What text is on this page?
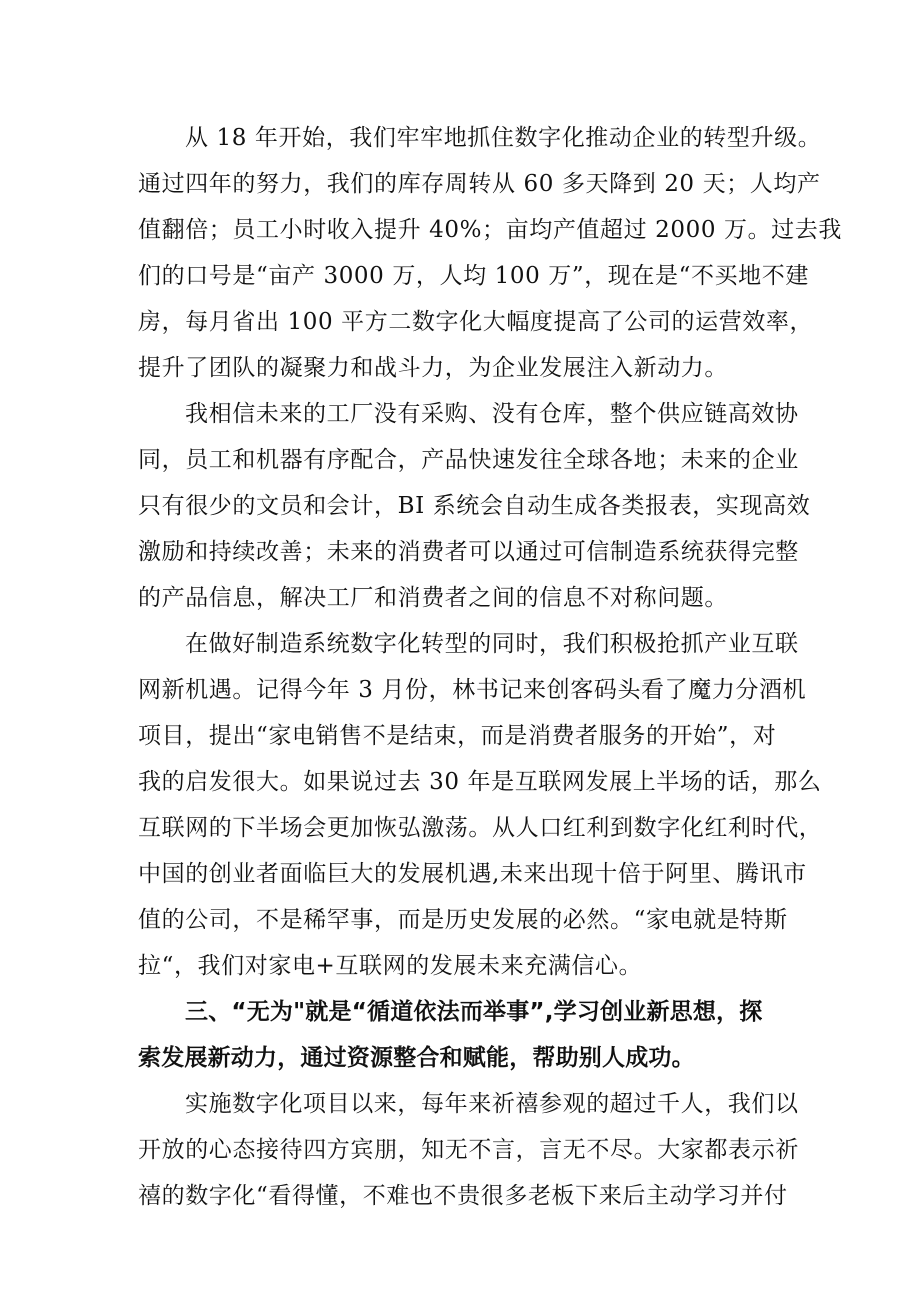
从 18 年开始，我们牢牢地抓住数字化推动企业的转型升级。
通过四年的努力，我们的库存周转从 60 多天降到 20 天；人均产
值翻倍；员工小时收入提升 40%；亩均产值超过 2000 万。过去我
们的口号是“亩产 3000 万，人均 100 万”，现在是“不买地不建
房，每月省出 100 平方二数字化大幅度提高了公司的运营效率，
提升了团队的凝聚力和战斗力，为企业发展注入新动力。
我相信未来的工厂没有采购、没有仓库，整个供应链高效协
同，员工和机器有序配合，产品快速发往全球各地；未来的企业
只有很少的文员和会计，BI 系统会自动生成各类报表，实现高效
激励和持续改善；未来的消费者可以通过可信制造系统获得完整
的产品信息，解决工厂和消费者之间的信息不对称问题。
在做好制造系统数字化转型的同时，我们积极抢抓产业互联
网新机遇。记得今年 3 月份，林书记来创客码头看了魔力分酒机
项目，提出“家电销售不是结束，而是消费者服务的开始”，对
我的启发很大。如果说过去 30 年是互联网发展上半场的话，那么
互联网的下半场会更加恢弘激荡。从人口红利到数字化红利时代，
中国的创业者面临巨大的发展机遇,未来出现十倍于阿里、腾讯市
值的公司，不是稀罕事，而是历史发展的必然。“家电就是特斯
拉“，我们对家电+互联网的发展未来充满信心。
三、“无为"就是“循道依法而举事”,学习创业新思想，探
索发展新动力，通过资源整合和赋能，帮助别人成功。
实施数字化项目以来，每年来祈禧参观的超过千人，我们以
开放的心态接待四方宾朋，知无不言，言无不尽。大家都表示祈
禧的数字化“看得懂，不难也不贵很多老板下来后主动学习并付
